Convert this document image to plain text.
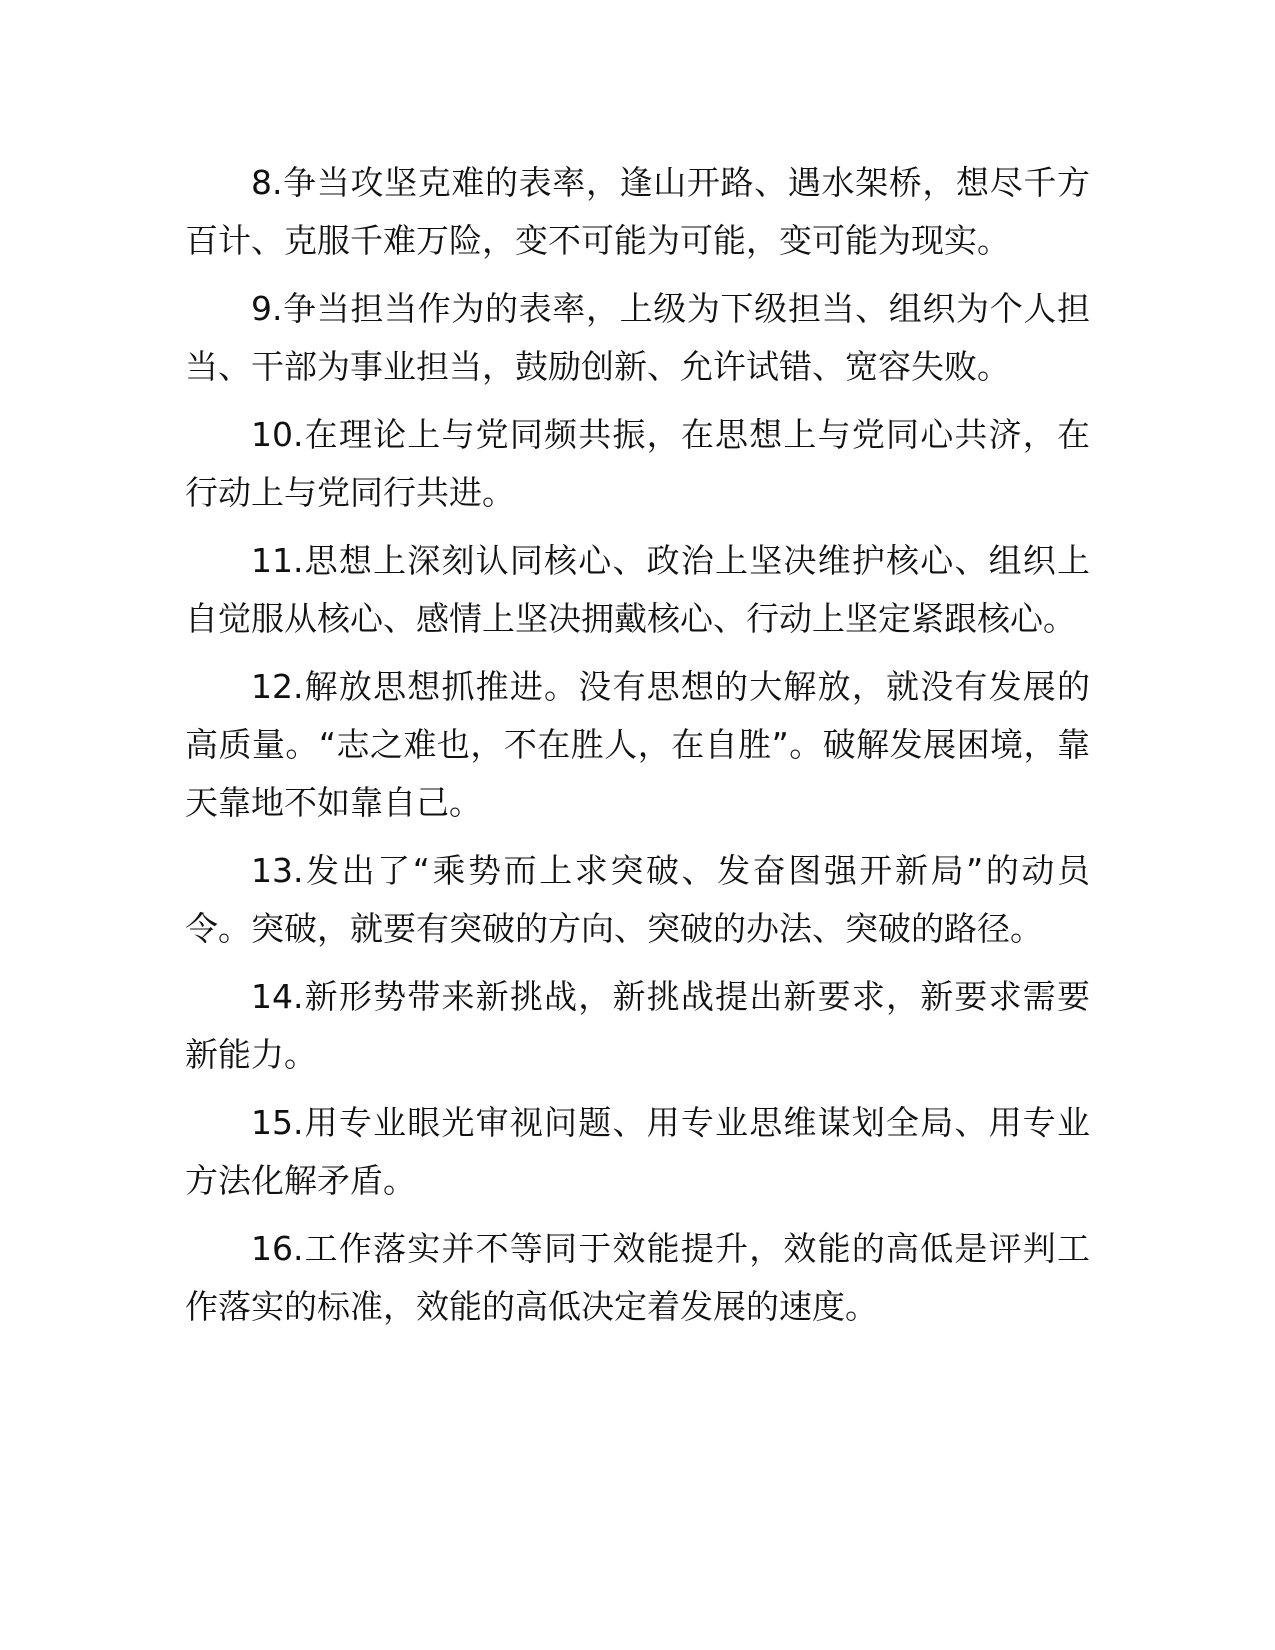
8.争当攻坚克难的表率，逢山开路、遇水架桥，想尽千方百计、克服千难万险，变不可能为可能，变可能为现实。

9.争当担当作为的表率，上级为下级担当、组织为个人担当、干部为事业担当，鼓励创新、允许试错、宽容失败。

10.在理论上与党同频共振，在思想上与党同心共济，在行动上与党同行共进。

11.思想上深刻认同核心、政治上坚决维护核心、组织上自觉服从核心、感情上坚决拥戴核心、行动上坚定紧跟核心。

12.解放思想抓推进。没有思想的大解放，就没有发展的高质量。“志之难也，不在胜人，在自胜”。破解发展困境，靠天靠地不如靠自己。

13.发出了“乘势而上求突破、发奋图强开新局”的动员令。突破，就要有突破的方向、突破的办法、突破的路径。

14.新形势带来新挑战，新挑战提出新要求，新要求需要新能力。

15.用专业眼光审视问题、用专业思维谋划全局、用专业方法化解矛盾。

16.工作落实并不等同于效能提升，效能的高低是评判工作落实的标准，效能的高低决定着发展的速度。
